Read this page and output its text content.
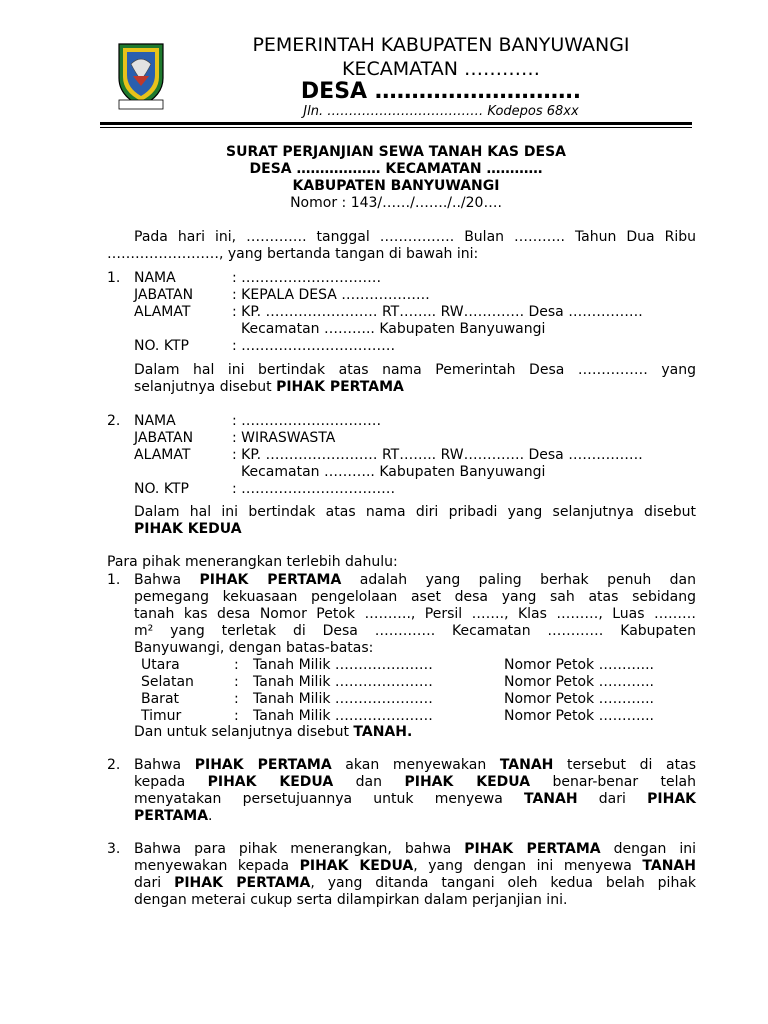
PEMERINTAH KABUPATEN BANYUWANGI
KECAMATAN …………
DESA ……………………….
Jln. ……………………………… Kodepos 68xx
SURAT PERJANJIAN SEWA TANAH KAS DESA
DESA ……………… KECAMATAN …………
KABUPATEN BANYUWANGI
Nomor : 143/……/……./../20….
Pada hari ini, …………. tanggal ……………. Bulan ……….. Tahun Dua Ribu
……………………, yang bertanda tangan di bawah ini:
1. NAMA	: …………………………
JABATAN	: KEPALA DESA ……………….
ALAMAT	: KP. …………………… RT…….. RW…………. Desa …………….
Kecamatan ……….. Kabupaten Banyuwangi
NO. KTP	: ……………………………
Dalam hal ini bertindak atas nama Pemerintah Desa …………… yang
selanjutnya disebut PIHAK PERTAMA
2. NAMA	: …………………………
JABATAN	: WIRASWASTA
ALAMAT	: KP. …………………… RT…….. RW…………. Desa …………….
Kecamatan ……….. Kabupaten Banyuwangi
NO. KTP	: ……………………………
Dalam hal ini bertindak atas nama diri pribadi yang selanjutnya disebut
PIHAK KEDUA
Para pihak menerangkan terlebih dahulu:
1. Bahwa PIHAK PERTAMA adalah yang paling berhak penuh dan
pemegang kekuasaan pengelolaan aset desa yang sah atas sebidang
tanah kas desa Nomor Petok ………., Persil ……., Klas ………, Luas ………
m² yang terletak di Desa …………. Kecamatan ………… Kabupaten
Banyuwangi, dengan batas-batas:
Utara	: Tanah Milik …………………	Nomor Petok ………...
Selatan	: Tanah Milik …………………	Nomor Petok ………...
Barat	: Tanah Milik …………………	Nomor Petok ………...
Timur	: Tanah Milik …………………	Nomor Petok ………...
Dan untuk selanjutnya disebut TANAH.
2. Bahwa PIHAK PERTAMA akan menyewakan TANAH tersebut di atas
kepada PIHAK KEDUA dan PIHAK KEDUA benar-benar telah
menyatakan persetujuannya untuk menyewa TANAH dari PIHAK
PERTAMA.
3. Bahwa para pihak menerangkan, bahwa PIHAK PERTAMA dengan ini
menyewakan kepada PIHAK KEDUA, yang dengan ini menyewa TANAH
dari PIHAK PERTAMA, yang ditanda tangani oleh kedua belah pihak
dengan meterai cukup serta dilampirkan dalam perjanjian ini.
